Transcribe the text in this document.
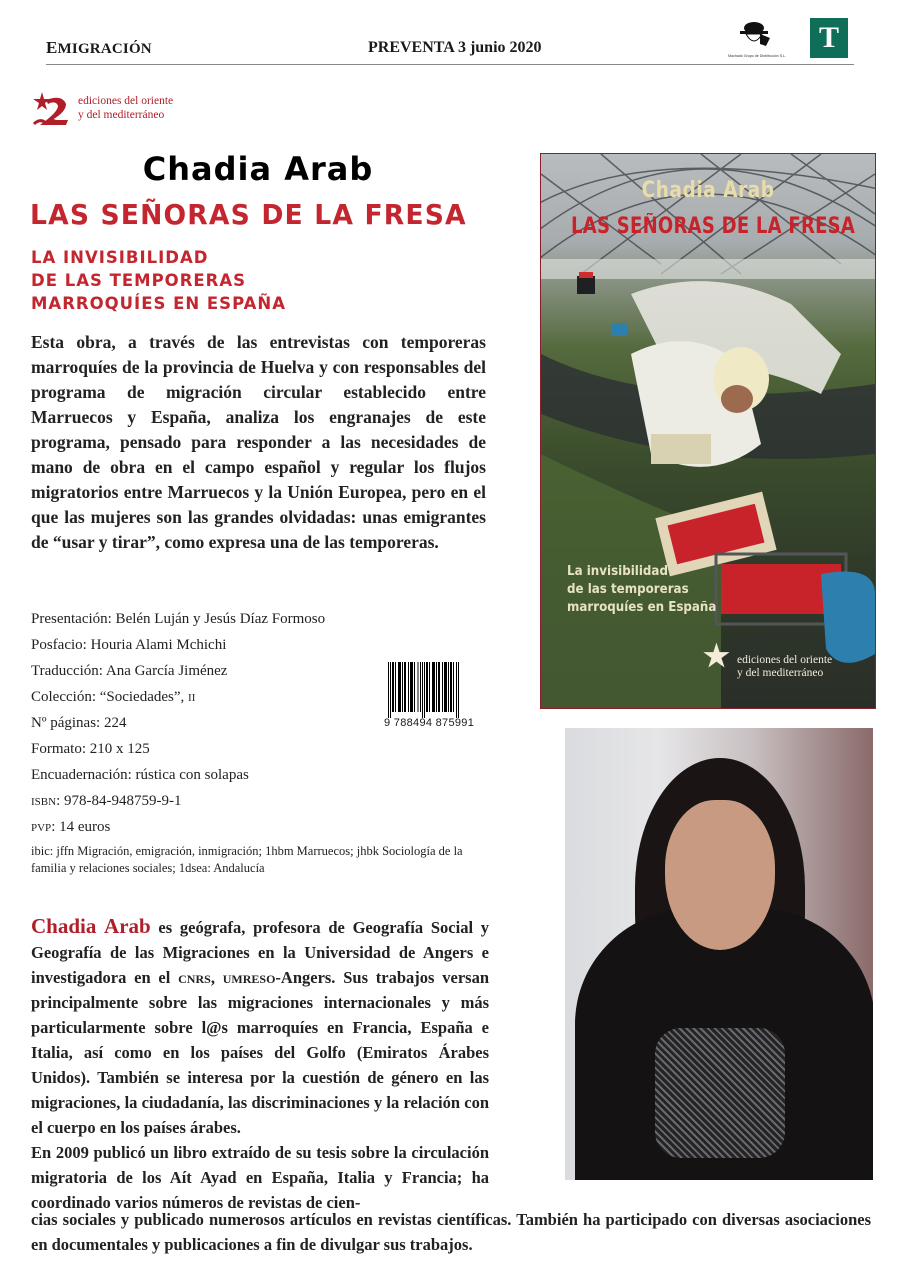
EMIGRACIÓN	PREVENTA 3 junio 2020	Machado Grupo de Distribución S.L.
T
ediciones del oriente
y del mediterráneo
Chadia Arab
LAS SEÑORAS DE LA FRESA
LA INVISIBILIDAD
DE LAS TEMPORERAS
MARROQUÍES EN ESPAÑA
Esta obra, a través de las entrevistas con temporeras marroquíes de la provincia de Huelva y con responsables del programa de migración circular establecido entre Marruecos y España, analiza los engranajes de este programa, pensado para responder a las necesidades de mano de obra en el campo español y regular los flujos migratorios entre Marruecos y la Unión Europea, pero en el que las mujeres son las grandes olvidadas: unas emigrantes de “usar y tirar”, como expresa una de las temporeras.
Presentación: Belén Luján y Jesús Díaz Formoso
Posfacio: Houria Alami Mchichi
Traducción: Ana García Jiménez
Colección: “Sociedades”, ii
Nº páginas: 224
Formato: 210 x 125
Encuadernación: rústica con solapas
isbn: 978-84-948759-9-1
pvp: 14 euros
ibic: jffn Migración, emigración, inmigración; 1hbm Marruecos; jhbk Sociología de la familia y relaciones sociales; 1dsea: Andalucía
9 788494 875991
Chadia Arab
LAS SEÑORAS DE LA FRESA
La invisibilidad
de las temporeras
marroquíes en España
★ ediciones del oriente
y del mediterráneo
Chadia Arab es geógrafa, profesora de Geografía Social y Geografía de las Migraciones en la Universidad de Angers e investigadora en el cnrs, umreso-Angers. Sus trabajos versan principalmente sobre las migraciones internacionales y más particularmente sobre l@s marroquíes en Francia, España e Italia, así como en los países del Golfo (Emiratos Árabes Unidos). También se interesa por la cuestión de género en las migraciones, la ciudadanía, las discriminaciones y la relación con el cuerpo en los países árabes.
En 2009 publicó un libro extraído de su tesis sobre la circulación migratoria de los Aít Ayad en España, Italia y Francia; ha coordinado varios números de revistas de cien-
cias sociales y publicado numerosos artículos en revistas científicas. También ha participado con diversas asociaciones en documentales y publicaciones a fin de divulgar sus trabajos.
